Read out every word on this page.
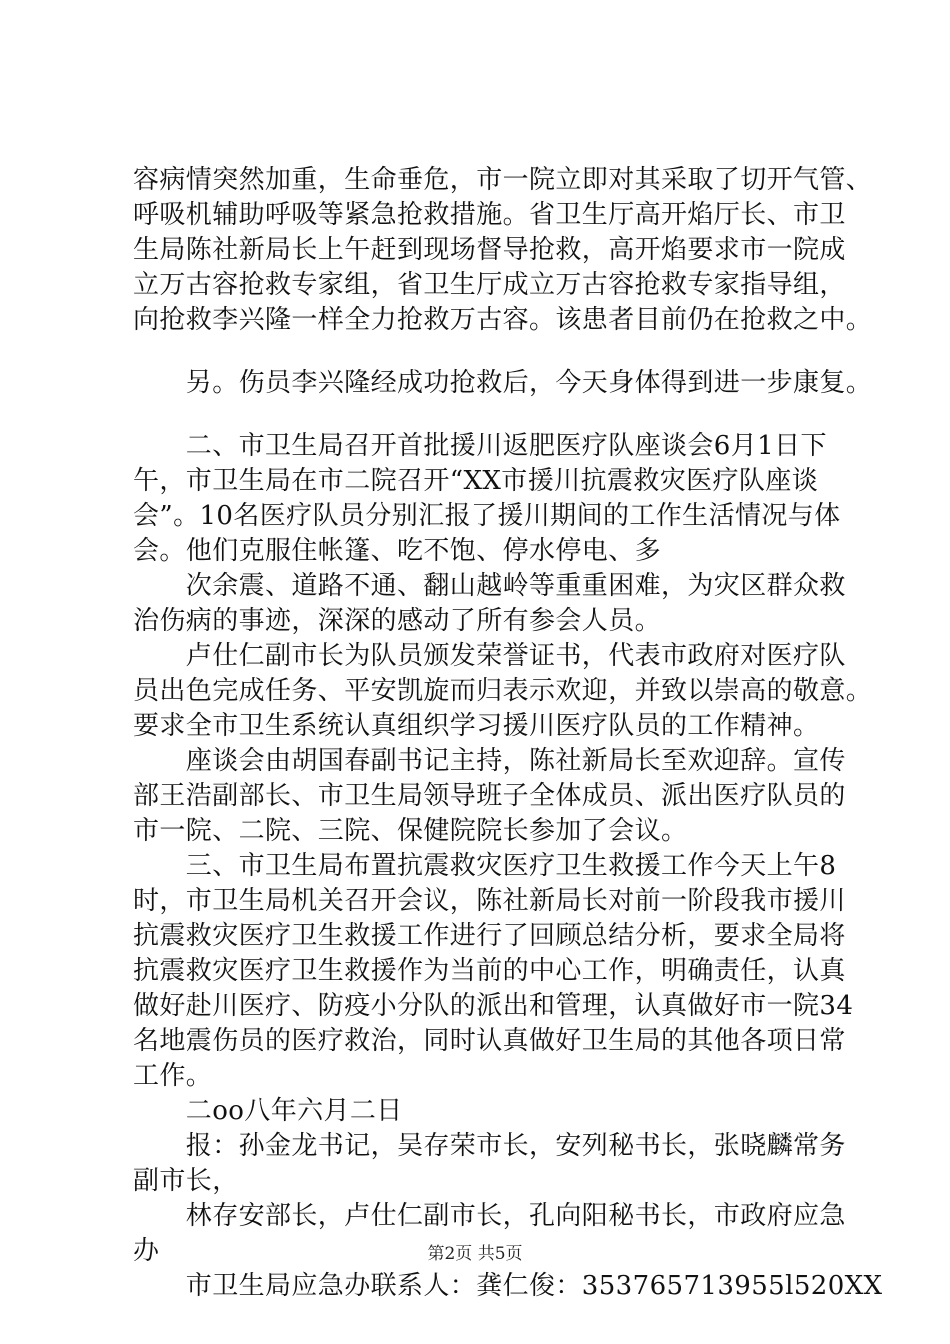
容病情突然加重，生命垂危，市一院立即对其采取了切开气管、
呼吸机辅助呼吸等紧急抢救措施。省卫生厅高开焰厅长、市卫
生局陈社新局长上午赶到现场督导抢救，高开焰要求市一院成
立万古容抢救专家组，省卫生厅成立万古容抢救专家指导组，
向抢救李兴隆一样全力抢救万古容。该患者目前仍在抢救之中。
　　另。伤员李兴隆经成功抢救后，今天身体得到进一步康复。
　　二、市卫生局召开首批援川返肥医疗队座谈会6月1日下
午，市卫生局在市二院召开“XX市援川抗震救灾医疗队座谈
会”。10名医疗队员分别汇报了援川期间的工作生活情况与体
会。他们克服住帐篷、吃不饱、停水停电、多
　　次余震、道路不通、翻山越岭等重重困难，为灾区群众救
治伤病的事迹，深深的感动了所有参会人员。
　　卢仕仁副市长为队员颁发荣誉证书，代表市政府对医疗队
员出色完成任务、平安凯旋而归表示欢迎，并致以崇高的敬意。
要求全市卫生系统认真组织学习援川医疗队员的工作精神。
　　座谈会由胡国春副书记主持，陈社新局长至欢迎辞。宣传
部王浩副部长、市卫生局领导班子全体成员、派出医疗队员的
市一院、二院、三院、保健院院长参加了会议。
　　三、市卫生局布置抗震救灾医疗卫生救援工作今天上午8
时，市卫生局机关召开会议，陈社新局长对前一阶段我市援川
抗震救灾医疗卫生救援工作进行了回顾总结分析，要求全局将
抗震救灾医疗卫生救援作为当前的中心工作，明确责任，认真
做好赴川医疗、防疫小分队的派出和管理，认真做好市一院34
名地震伤员的医疗救治，同时认真做好卫生局的其他各项日常
工作。
　　二oo八年六月二日
　　报：孙金龙书记，吴存荣市长，安列秘书长，张晓麟常务
副市长，
　　林存安部长，卢仕仁副市长，孔向阳秘书长，市政府应急
办
　　市卫生局应急办联系人：龚仁俊：353765713955l520XX
第2页 共5页
